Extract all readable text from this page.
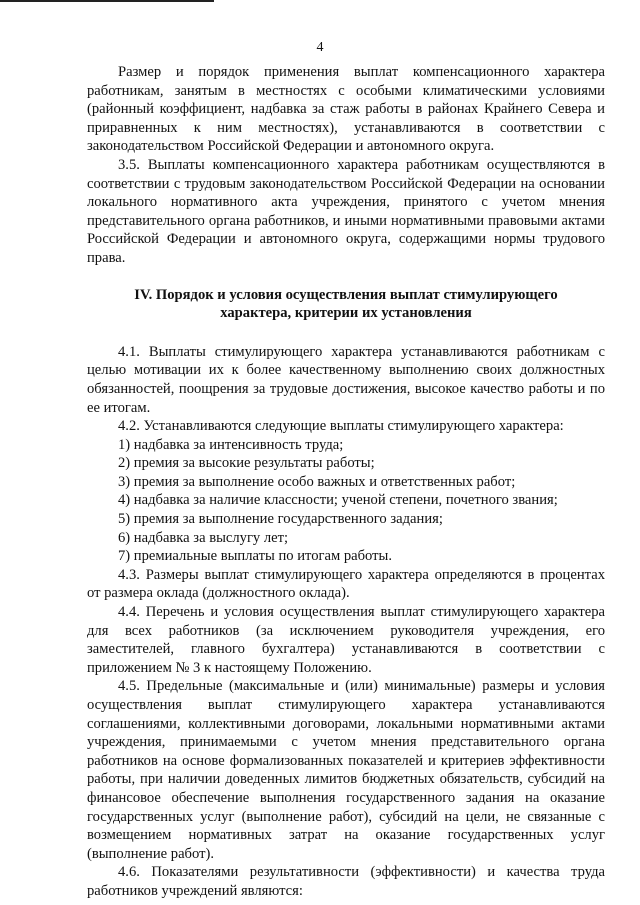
4

Размер и порядок применения выплат компенсационного характера работникам, занятым в местностях с особыми климатическими условиями (районный коэффициент, надбавка за стаж работы в районах Крайнего Севера и приравненных к ним местностях), устанавливаются в соответствии с законодательством Российской Федерации и автономного округа.

3.5. Выплаты компенсационного характера работникам осуществляются в соответствии с трудовым законодательством Российской Федерации на основании локального нормативного акта учреждения, принятого с учетом мнения представительного органа работников, и иными нормативными правовыми актами Российской Федерации и автономного округа, содержащими нормы трудового права.

IV. Порядок и условия осуществления выплат стимулирующего
характера, критерии их установления

4.1. Выплаты стимулирующего характера устанавливаются работникам с целью мотивации их к более качественному выполнению своих должностных обязанностей, поощрения за трудовые достижения, высокое качество работы и по ее итогам.

4.2. Устанавливаются следующие выплаты стимулирующего характера:

1) надбавка за интенсивность труда;

2) премия за высокие результаты работы;

3) премия за выполнение особо важных и ответственных работ;

4) надбавка за наличие классности; ученой степени, почетного звания;

5) премия за выполнение государственного задания;

6) надбавка за выслугу лет;

7) премиальные выплаты по итогам работы.

4.3. Размеры выплат стимулирующего характера определяются в процентах от размера оклада (должностного оклада).

4.4. Перечень и условия осуществления выплат стимулирующего характера для всех работников (за исключением руководителя учреждения, его заместителей, главного бухгалтера) устанавливаются в соответствии с приложением № 3 к настоящему Положению.

4.5. Предельные (максимальные и (или) минимальные) размеры и условия осуществления выплат стимулирующего характера устанавливаются соглашениями, коллективными договорами, локальными нормативными актами учреждения, принимаемыми с учетом мнения представительного органа работников на основе формализованных показателей и критериев эффективности работы, при наличии доведенных лимитов бюджетных обязательств, субсидий на финансовое обеспечение выполнения государственного задания на оказание государственных услуг (выполнение работ), субсидий на цели, не связанные с возмещением нормативных затрат на оказание государственных услуг (выполнение работ).

4.6. Показателями результативности (эффективности) и качества труда работников учреждений являются:
